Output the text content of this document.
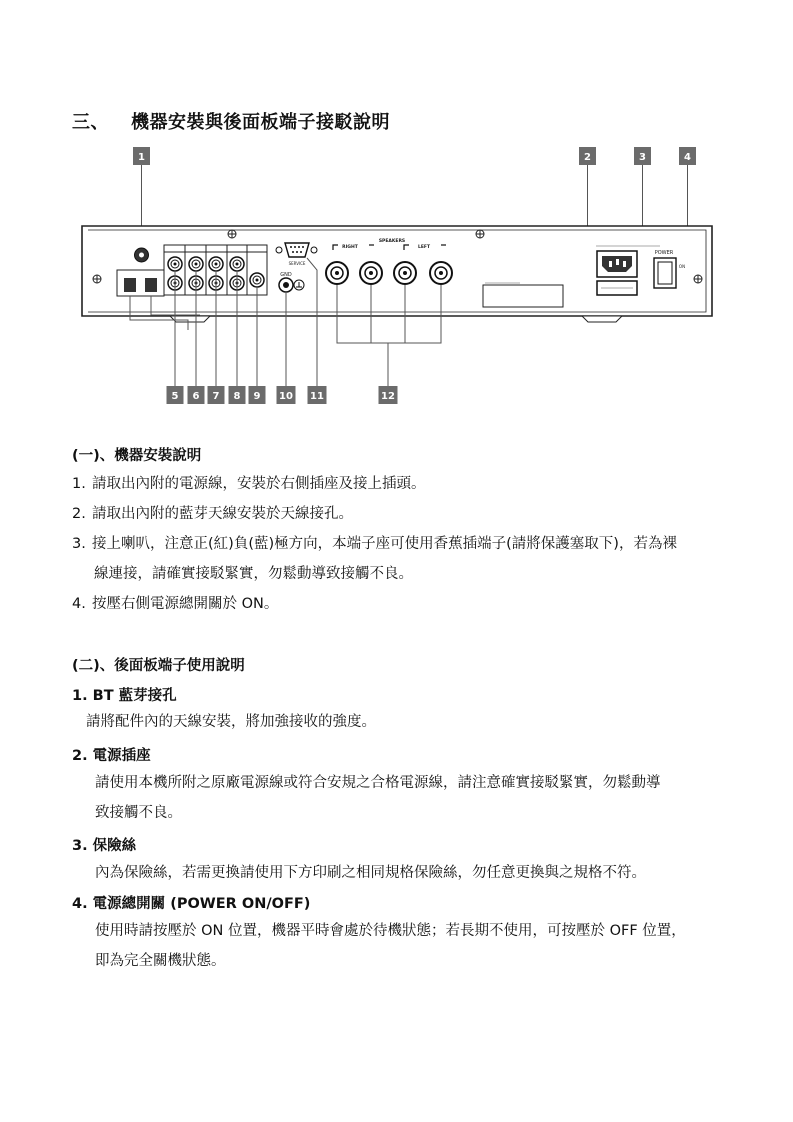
三、 機器安裝與後面板端子接駁說明
1	2	3	4
GND
SERVICE
SPEAKERS
RIGHT	LEFT
POWER
ON
5 6 7 8 9 10 11	12
(一)、機器安裝說明
1. 請取出內附的電源線，安裝於右側插座及接上插頭。
2. 請取出內附的藍芽天線安裝於天線接孔。
3. 接上喇叭，注意正(紅)負(藍)極方向，本端子座可使用香蕉插端子(請將保護塞取下)，若為裸
線連接，請確實接駁緊實，勿鬆動導致接觸不良。
4. 按壓右側電源總開關於 ON。
(二)、後面板端子使用說明
1. BT 藍芽接孔
請將配件內的天線安裝，將加強接收的強度。
2. 電源插座
請使用本機所附之原廠電源線或符合安規之合格電源線，請注意確實接駁緊實，勿鬆動導
致接觸不良。
3. 保險絲
內為保險絲，若需更換請使用下方印刷之相同規格保險絲，勿任意更換與之規格不符。
4. 電源總開關 (POWER ON/OFF)
使用時請按壓於 ON 位置，機器平時會處於待機狀態；若長期不使用，可按壓於 OFF 位置，
即為完全關機狀態。
